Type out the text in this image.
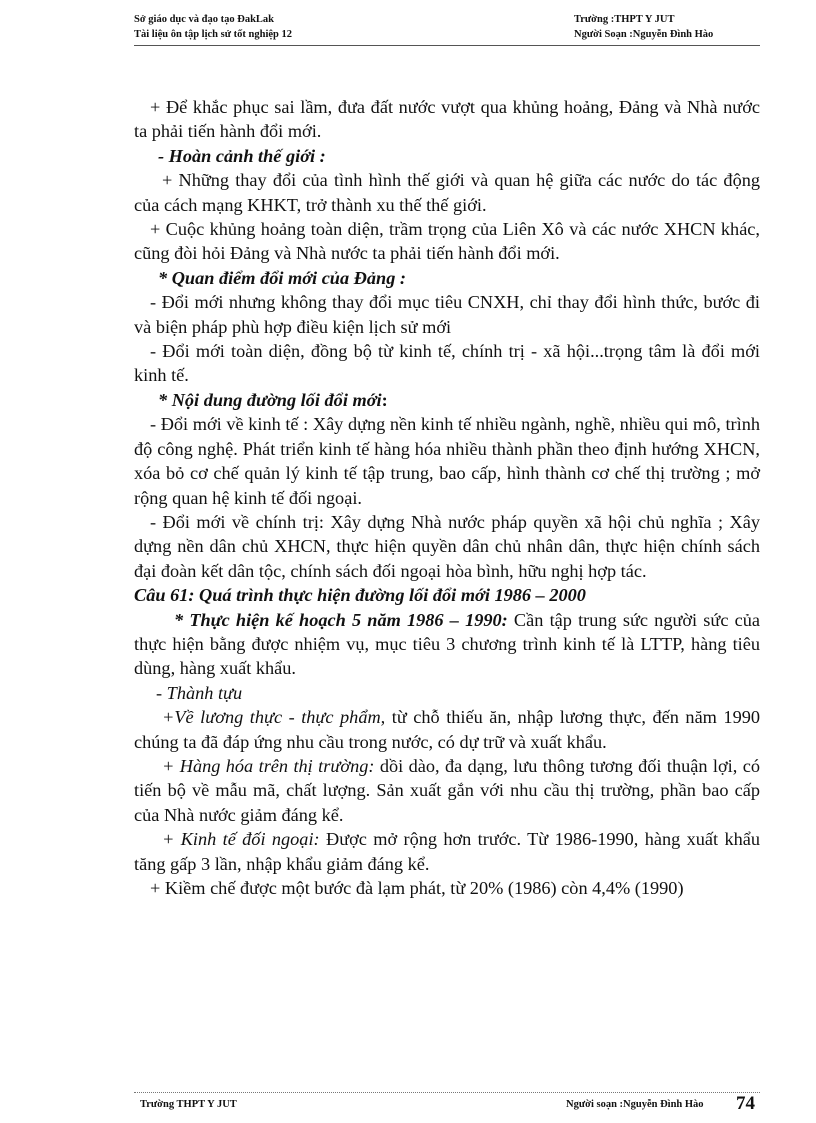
Sở giáo dục và đạo tạo ĐakLak
Tài liệu ôn tập lịch sử tốt nghiệp 12
Trường :THPT Y JUT
Người Soạn :Nguyễn Đình Hào

+ Để khắc phục sai lầm, đưa đất nước vượt qua khủng hoảng, Đảng và Nhà nước ta phải tiến hành đổi mới.

- Hoàn cảnh thế giới :

+ Những thay đổi của tình hình thế giới và quan hệ giữa các nước do tác động của cách mạng KHKT, trở thành xu thế thế giới.

+ Cuộc khủng hoảng toàn diện, trầm trọng của Liên Xô và các nước XHCN khác, cũng đòi hỏi Đảng và Nhà nước ta phải tiến hành đổi mới.

* Quan điểm đổi mới của Đảng :

- Đổi mới nhưng không thay đổi mục tiêu CNXH, chỉ thay đổi hình thức, bước đi và biện pháp phù hợp điều kiện lịch sử mới

- Đổi mới toàn diện, đồng bộ từ kinh tế, chính trị - xã hội...trọng tâm là đổi mới kinh tế.

* Nội dung đường lối đổi mới:

- Đổi mới về kinh tế : Xây dựng nền kinh tế nhiều ngành, nghề, nhiều qui mô, trình độ công nghệ. Phát triển kinh tế hàng hóa nhiều thành phần theo định hướng XHCN, xóa bỏ cơ chế quản lý kinh tế tập trung, bao cấp, hình thành cơ chế thị trường ; mở rộng quan hệ kinh tế đối ngoại.

- Đổi mới về chính trị: Xây dựng Nhà nước pháp quyền xã hội chủ nghĩa ; Xây dựng nền dân chủ XHCN, thực hiện quyền dân chủ nhân dân, thực hiện chính sách đại đoàn kết dân tộc, chính sách đối ngoại hòa bình, hữu nghị hợp tác.

Câu 61: Quá trình thực hiện đường lối đổi mới 1986 – 2000

* Thực hiện kế hoạch 5 năm 1986 – 1990: Cần tập trung sức người sức của thực hiện bằng được nhiệm vụ, mục tiêu 3 chương trình kinh tế là LTTP, hàng tiêu dùng, hàng xuất khẩu.

- Thành tựu

+Về lương thực - thực phẩm, từ chỗ thiếu ăn, nhập lương thực, đến năm 1990 chúng ta đã đáp ứng nhu cầu trong nước, có dự trữ và xuất khẩu.

+ Hàng hóa trên thị trường: dồi dào, đa dạng, lưu thông tương đối thuận lợi, có tiến bộ về mẫu mã, chất lượng. Sản xuất gắn với nhu cầu thị trường, phần bao cấp của Nhà nước giảm đáng kể.

+ Kinh tế đối ngoại: Được mở rộng hơn trước. Từ 1986-1990, hàng xuất khẩu tăng gấp 3 lần, nhập khẩu giảm đáng kể.

+ Kiềm chế được một bước đà lạm phát, từ 20% (1986) còn 4,4% (1990)

Trường THPT Y JUT	Người soạn :Nguyễn Đình Hào 74
